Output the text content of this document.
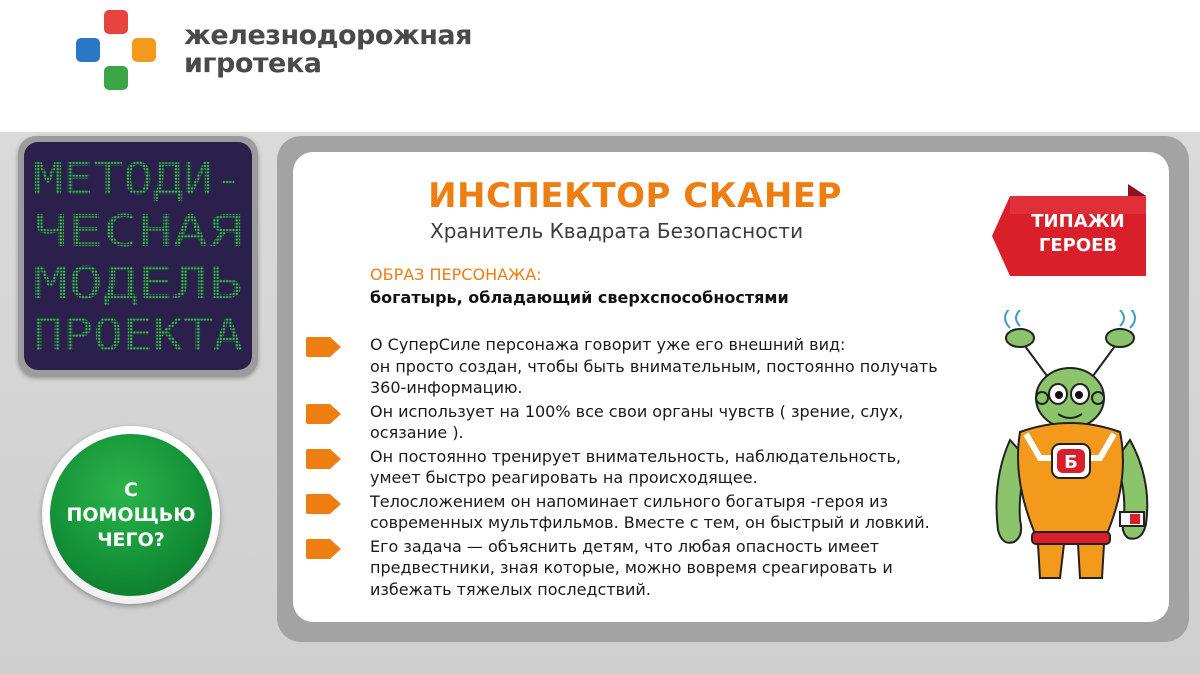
железнодорожная
игротека
МЕТОДИ-
ЧЕСНАЯ
МОДЕЛЬ
ПРОЕКТА
С
ПОМОЩЬЮ
ЧЕГО?
ИНСПЕКТОР СКАНЕР
Хранитель Квадрата Безопасности
ОБРАЗ ПЕРСОНАЖА:
богатырь, обладающий сверхспособностями
О СуперСиле персонажа говорит уже его внешний вид:
он просто создан, чтобы быть внимательным, постоянно получать
360-информацию.
Он использует на 100% все свои органы чувств ( зрение, слух,
осязание ).
Он постоянно тренирует внимательность, наблюдательность,
умеет быстро реагировать на происходящее.
Телосложением он напоминает сильного богатыря -героя из
современных мультфильмов. Вместе с тем, он быстрый и ловкий.
Его задача — объяснить детям, что любая опасность имеет
предвестники, зная которые, можно вовремя среагировать и
избежать тяжелых последствий.
ТИПАЖИ
ГЕРОЕВ
Б
